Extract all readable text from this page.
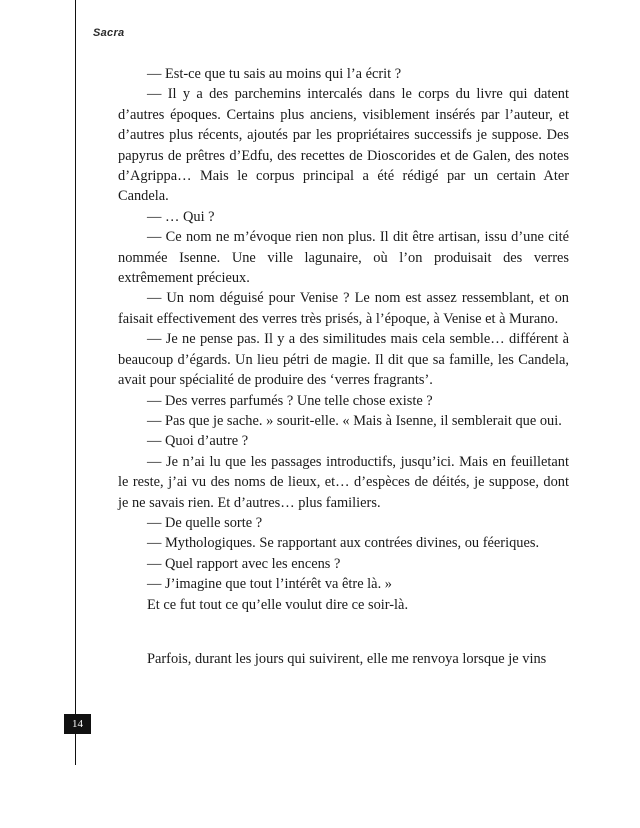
Sacra

— Est-ce que tu sais au moins qui l’a écrit ?

— Il y a des parchemins intercalés dans le corps du livre qui datent d’autres époques. Certains plus anciens, visiblement insérés par l’auteur, et d’autres plus récents, ajoutés par les propriétaires successifs je suppose. Des papyrus de prêtres d’Edfu, des recettes de Dioscorides et de Galen, des notes d’Agrippa… Mais le corpus principal a été rédigé par un certain Ater Candela.

— … Qui ?

— Ce nom ne m’évoque rien non plus. Il dit être artisan, issu d’une cité nommée Isenne. Une ville lagunaire, où l’on produisait des verres extrêmement précieux.

— Un nom déguisé pour Venise ? Le nom est assez ressemblant, et on faisait effectivement des verres très prisés, à l’époque, à Venise et à Murano.

— Je ne pense pas. Il y a des similitudes mais cela semble… différent à beaucoup d’égards. Un lieu pétri de magie. Il dit que sa famille, les Candela, avait pour spécialité de produire des ‘verres fragrants’.

— Des verres parfumés ? Une telle chose existe ?

— Pas que je sache. » sourit-elle. « Mais à Isenne, il semblerait que oui.

— Quoi d’autre ?

— Je n’ai lu que les passages introductifs, jusqu’ici. Mais en feuilletant le reste, j’ai vu des noms de lieux, et… d’espèces de déités, je suppose, dont je ne savais rien. Et d’autres… plus familiers.

— De quelle sorte ?

— Mythologiques. Se rapportant aux contrées divines, ou féeriques.

— Quel rapport avec les encens ?

— J’imagine que tout l’intérêt va être là. »

Et ce fut tout ce qu’elle voulut dire ce soir-là.

Parfois, durant les jours qui suivirent, elle me renvoya lorsque je vins

14
